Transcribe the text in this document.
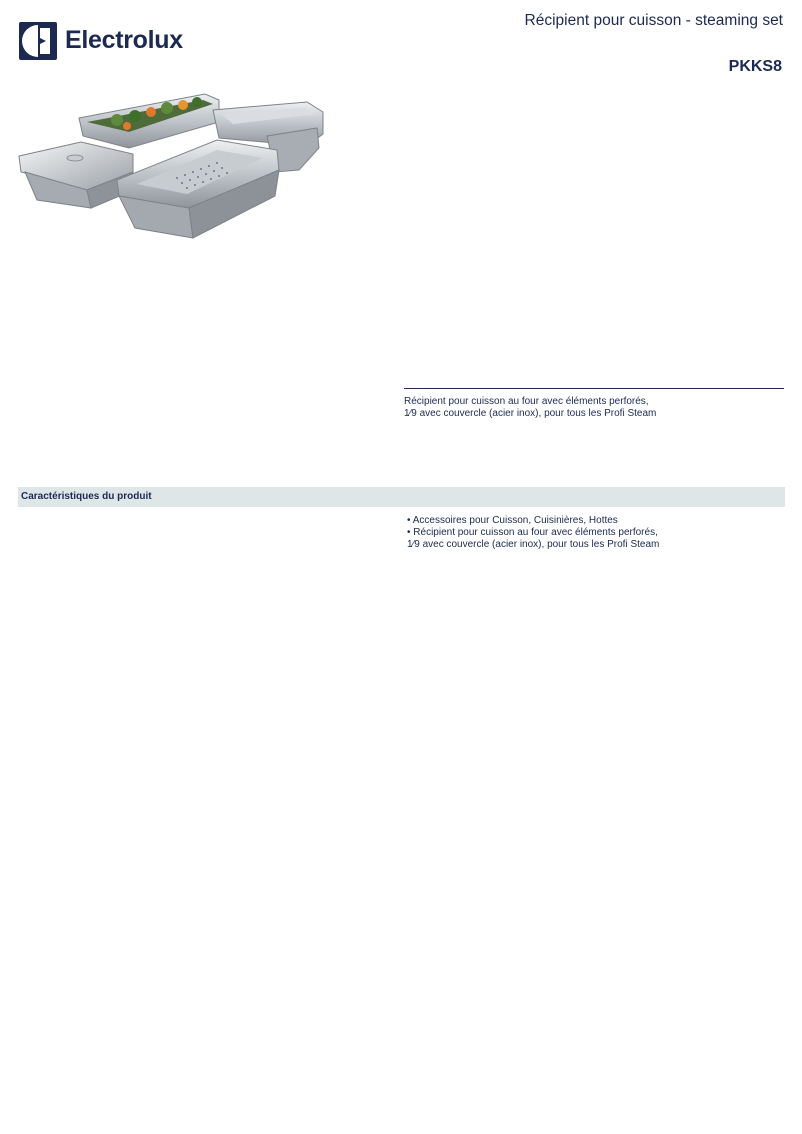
Electrolux
Récipient pour cuisson - steaming set
PKKS8
Récipient pour cuisson au four avec éléments perforés,
1⁄9 avec couvercle (acier inox), pour tous les Profi Steam
Caractéristiques du produit
• Accessoires pour Cuisson, Cuisinières, Hottes
• Récipient pour cuisson au four avec éléments perforés,
1⁄9 avec couvercle (acier inox), pour tous les Profi Steam
